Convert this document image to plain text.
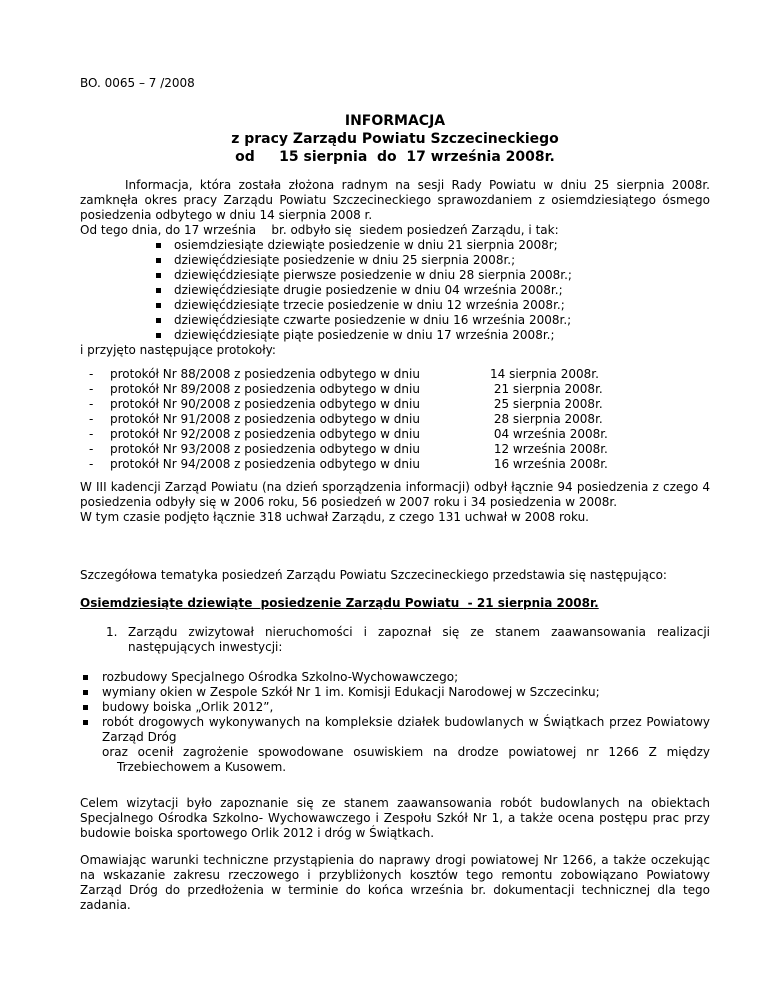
BO. 0065 – 7 /2008
INFORMACJA
z pracy Zarządu Powiatu Szczecineckiego
od     15 sierpnia  do  17 września 2008r.
Informacja, która została złożona radnym na sesji Rady Powiatu w dniu 25 sierpnia 2008r. zamknęła okres pracy Zarządu Powiatu Szczecineckiego sprawozdaniem z osiemdziesiątego ósmego posiedzenia odbytego w dniu 14 sierpnia 2008 r.
Od tego dnia, do 17 września    br. odbyło się  siedem posiedzeń Zarządu, i tak:
osiemdziesiąte dziewiąte posiedzenie w dniu 21 sierpnia 2008r;
dziewięćdziesiąte posiedzenie w dniu 25 sierpnia 2008r.;
dziewięćdziesiąte pierwsze posiedzenie w dniu 28 sierpnia 2008r.;
dziewięćdziesiąte drugie posiedzenie w dniu 04 września 2008r.;
dziewięćdziesiąte trzecie posiedzenie w dniu 12 września 2008r.;
dziewięćdziesiąte czwarte posiedzenie w dniu 16 września 2008r.;
dziewięćdziesiąte piąte posiedzenie w dniu 17 września 2008r.;
i przyjęto następujące protokoły:
- protokół Nr 88/2008 z posiedzenia odbytego w dniu	14 sierpnia 2008r.
- protokół Nr 89/2008 z posiedzenia odbytego w dniu	21 sierpnia 2008r.
- protokół Nr 90/2008 z posiedzenia odbytego w dniu	25 sierpnia 2008r.
- protokół Nr 91/2008 z posiedzenia odbytego w dniu	28 sierpnia 2008r.
- protokół Nr 92/2008 z posiedzenia odbytego w dniu	04 września 2008r.
- protokół Nr 93/2008 z posiedzenia odbytego w dniu	12 września 2008r.
- protokół Nr 94/2008 z posiedzenia odbytego w dniu	16 września 2008r.
W III kadencji Zarząd Powiatu (na dzień sporządzenia informacji) odbył łącznie 94 posiedzenia z czego 4 posiedzenia odbyły się w 2006 roku, 56 posiedzeń w 2007 roku i 34 posiedzenia w 2008r.
W tym czasie podjęto łącznie 318 uchwał Zarządu, z czego 131 uchwał w 2008 roku.
Szczegółowa tematyka posiedzeń Zarządu Powiatu Szczecineckiego przedstawia się następująco:
Osiemdziesiąte dziewiąte  posiedzenie Zarządu Powiatu  - 21 sierpnia 2008r.
1. Zarządu zwizytował nieruchomości i zapoznał się ze stanem zaawansowania realizacji następujących inwestycji:
rozbudowy Specjalnego Ośrodka Szkolno-Wychowawczego;
wymiany okien w Zespole Szkół Nr 1 im. Komisji Edukacji Narodowej w Szczecinku;
budowy boiska „Orlik 2012”,
robót drogowych wykonywanych na kompleksie działek budowlanych w Świątkach przez Powiatowy Zarząd Dróg
oraz ocenił zagrożenie spowodowane osuwiskiem na drodze powiatowej nr 1266 Z między Trzebiechowem a Kusowem.
Celem wizytacji było zapoznanie się ze stanem zaawansowania robót budowlanych na obiektach Specjalnego Ośrodka Szkolno- Wychowawczego i Zespołu Szkół Nr 1, a także ocena postępu prac przy budowie boiska sportowego Orlik 2012 i dróg w Świątkach.
Omawiając warunki techniczne przystąpienia do naprawy drogi powiatowej Nr 1266, a także oczekując na wskazanie zakresu rzeczowego i przybliżonych kosztów tego remontu zobowiązano Powiatowy Zarząd Dróg do przedłożenia w terminie do końca września br. dokumentacji technicznej dla tego zadania.
